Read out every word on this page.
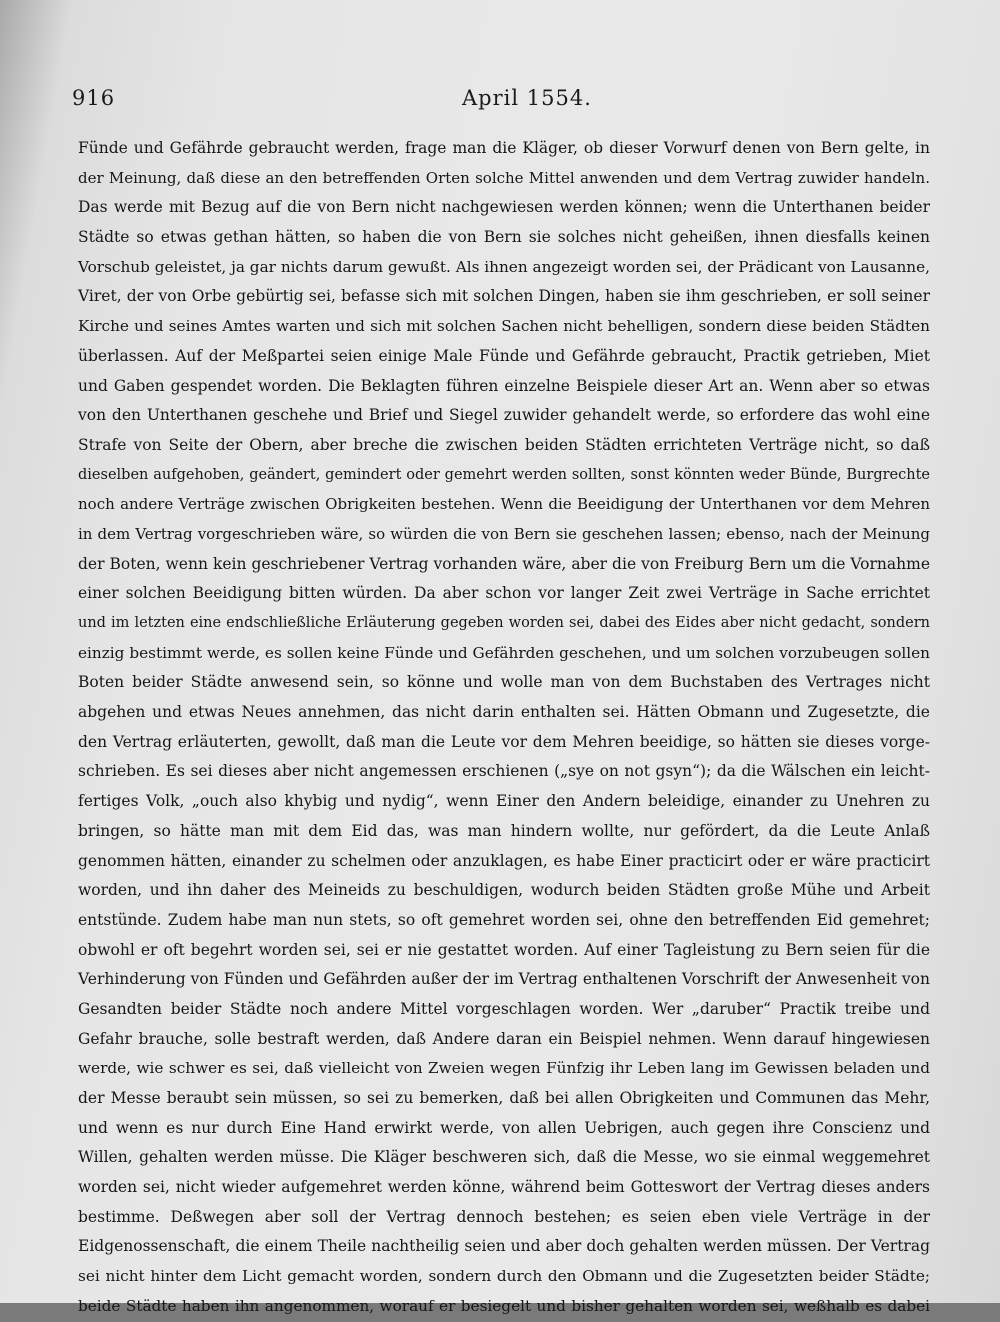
916	April 1554.
Fünde und Gefährde gebraucht werden, frage man die Kläger, ob dieser Vorwurf denen von Bern gelte, in
der Meinung, daß diese an den betreffenden Orten solche Mittel anwenden und dem Vertrag zuwider handeln.
Das werde mit Bezug auf die von Bern nicht nachgewiesen werden können; wenn die Unterthanen beider
Städte so etwas gethan hätten, so haben die von Bern sie solches nicht geheißen, ihnen diesfalls keinen
Vorschub geleistet, ja gar nichts darum gewußt. Als ihnen angezeigt worden sei, der Prädicant von Lausanne,
Viret, der von Orbe gebürtig sei, befasse sich mit solchen Dingen, haben sie ihm geschrieben, er soll seiner
Kirche und seines Amtes warten und sich mit solchen Sachen nicht behelligen, sondern diese beiden Städten
überlassen. Auf der Meßpartei seien einige Male Fünde und Gefährde gebraucht, Practik getrieben, Miet
und Gaben gespendet worden. Die Beklagten führen einzelne Beispiele dieser Art an. Wenn aber so etwas
von den Unterthanen geschehe und Brief und Siegel zuwider gehandelt werde, so erfordere das wohl eine
Strafe von Seite der Obern, aber breche die zwischen beiden Städten errichteten Verträge nicht, so daß
dieselben aufgehoben, geändert, gemindert oder gemehrt werden sollten, sonst könnten weder Bünde, Burgrechte
noch andere Verträge zwischen Obrigkeiten bestehen. Wenn die Beeidigung der Unterthanen vor dem Mehren
in dem Vertrag vorgeschrieben wäre, so würden die von Bern sie geschehen lassen; ebenso, nach der Meinung
der Boten, wenn kein geschriebener Vertrag vorhanden wäre, aber die von Freiburg Bern um die Vornahme
einer solchen Beeidigung bitten würden. Da aber schon vor langer Zeit zwei Verträge in Sache errichtet
und im letzten eine endschließliche Erläuterung gegeben worden sei, dabei des Eides aber nicht gedacht, sondern
einzig bestimmt werde, es sollen keine Fünde und Gefährden geschehen, und um solchen vorzubeugen sollen
Boten beider Städte anwesend sein, so könne und wolle man von dem Buchstaben des Vertrages nicht
abgehen und etwas Neues annehmen, das nicht darin enthalten sei. Hätten Obmann und Zugesetzte, die
den Vertrag erläuterten, gewollt, daß man die Leute vor dem Mehren beeidige, so hätten sie dieses vorge-
schrieben. Es sei dieses aber nicht angemessen erschienen („sye on not gsyn“); da die Wälschen ein leicht-
fertiges Volk, „ouch also khybig und nydig“, wenn Einer den Andern beleidige, einander zu Unehren zu
bringen, so hätte man mit dem Eid das, was man hindern wollte, nur gefördert, da die Leute Anlaß
genommen hätten, einander zu schelmen oder anzuklagen, es habe Einer practicirt oder er wäre practicirt
worden, und ihn daher des Meineids zu beschuldigen, wodurch beiden Städten große Mühe und Arbeit
entstünde. Zudem habe man nun stets, so oft gemehret worden sei, ohne den betreffenden Eid gemehret;
obwohl er oft begehrt worden sei, sei er nie gestattet worden. Auf einer Tagleistung zu Bern seien für die
Verhinderung von Fünden und Gefährden außer der im Vertrag enthaltenen Vorschrift der Anwesenheit von
Gesandten beider Städte noch andere Mittel vorgeschlagen worden. Wer „daruber“ Practik treibe und
Gefahr brauche, solle bestraft werden, daß Andere daran ein Beispiel nehmen. Wenn darauf hingewiesen
werde, wie schwer es sei, daß vielleicht von Zweien wegen Fünfzig ihr Leben lang im Gewissen beladen und
der Messe beraubt sein müssen, so sei zu bemerken, daß bei allen Obrigkeiten und Communen das Mehr,
und wenn es nur durch Eine Hand erwirkt werde, von allen Uebrigen, auch gegen ihre Conscienz und
Willen, gehalten werden müsse. Die Kläger beschweren sich, daß die Messe, wo sie einmal weggemehret
worden sei, nicht wieder aufgemehret werden könne, während beim Gotteswort der Vertrag dieses anders
bestimme. Deßwegen aber soll der Vertrag dennoch bestehen; es seien eben viele Verträge in der
Eidgenossenschaft, die einem Theile nachtheilig seien und aber doch gehalten werden müssen. Der Vertrag
sei nicht hinter dem Licht gemacht worden, sondern durch den Obmann und die Zugesetzten beider Städte;
beide Städte haben ihn angenommen, worauf er besiegelt und bisher gehalten worden sei, weßhalb es dabei
